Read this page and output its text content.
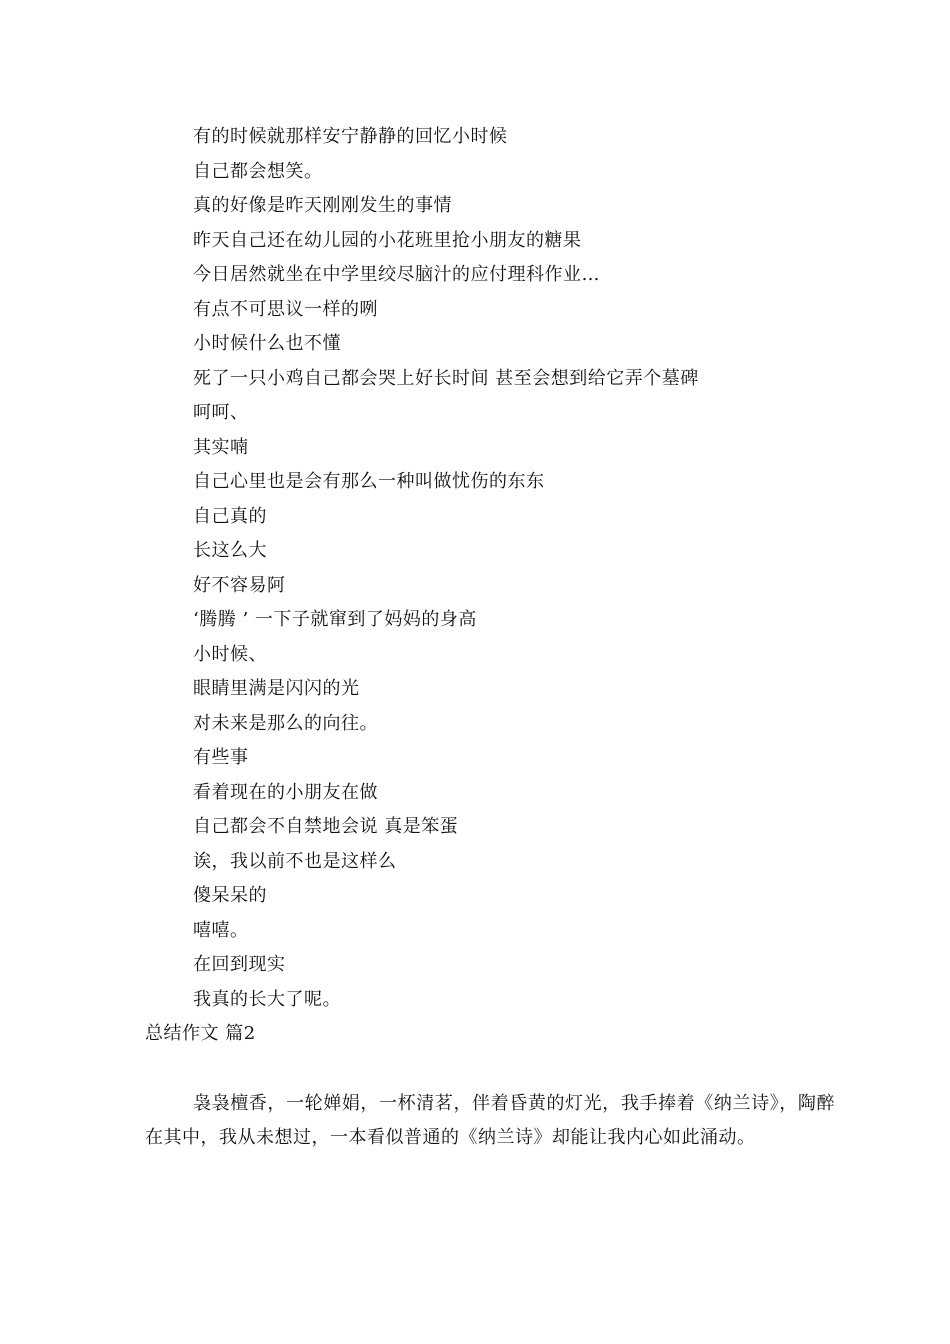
有的时候就那样安宁静静的回忆小时候
自己都会想笑。
真的好像是昨天刚刚发生的事情
昨天自己还在幼儿园的小花班里抢小朋友的糖果
今日居然就坐在中学里绞尽脑汁的应付理科作业…
有点不可思议一样的咧
小时候什么也不懂
死了一只小鸡自己都会哭上好长时间 甚至会想到给它弄个墓碑
呵呵、
其实喃
自己心里也是会有那么一种叫做忧伤的东东
自己真的
长这么大
好不容易阿
‘腾腾 ’ 一下子就窜到了妈妈的身高
小时候、
眼睛里满是闪闪的光
对未来是那么的向往。
有些事
看着现在的小朋友在做
自己都会不自禁地会说 真是笨蛋
诶，我以前不也是这样么
傻呆呆的
嘻嘻。
在回到现实
我真的长大了呢。
总结作文 篇2

袅袅檀香，一轮婵娟，一杯清茗，伴着昏黄的灯光，我手捧着《纳兰诗》，陶醉在其中，我从未想过，一本看似普通的《纳兰诗》却能让我内心如此涌动。
